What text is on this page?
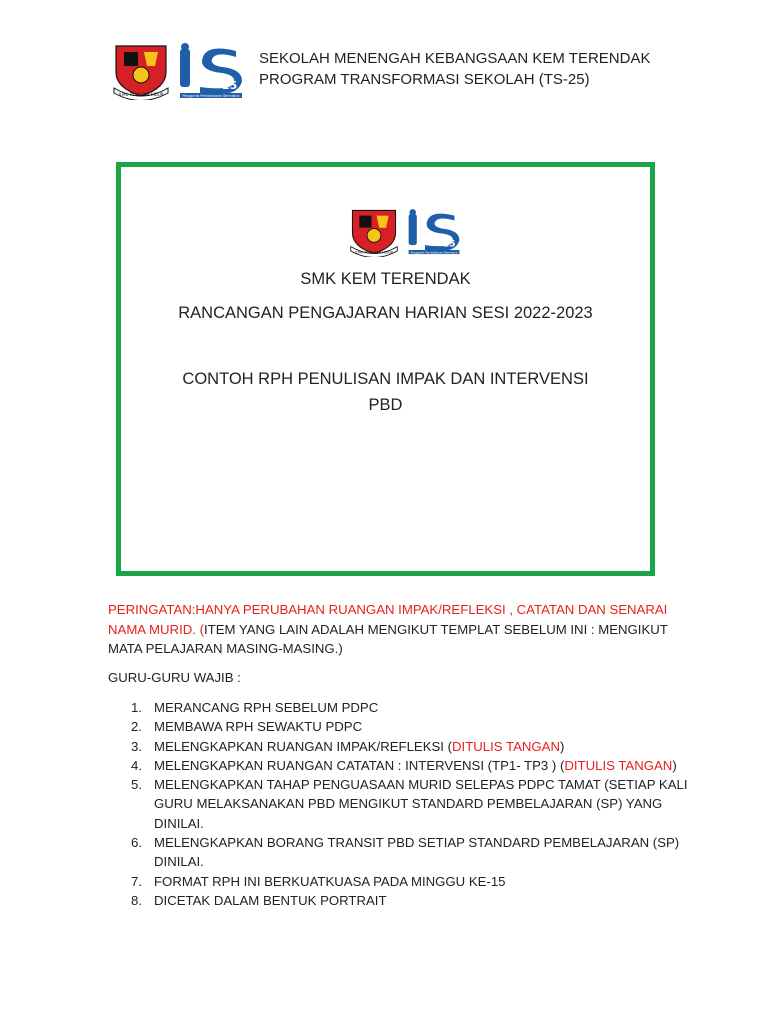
ILMU PANDUAN HIDUP
25
Penggerak Pembelajaran Bermakna
SEKOLAH MENENGAH KEBANGSAAN KEM TERENDAK
PROGRAM TRANSFORMASI SEKOLAH (TS-25)
ILMU PANDUAN HIDUP
25
Penggerak Pembelajaran Bermakna
SMK KEM TERENDAK
RANCANGAN PENGAJARAN HARIAN SESI 2022-2023
CONTOH RPH PENULISAN IMPAK DAN INTERVENSI
PBD
PERINGATAN:HANYA PERUBAHAN RUANGAN IMPAK/REFLEKSI , CATATAN DAN SENARAI NAMA MURID. (ITEM YANG LAIN ADALAH MENGIKUT TEMPLAT SEBELUM INI : MENGIKUT MATA PELAJARAN MASING-MASING.)
GURU-GURU WAJIB :
1. MERANCANG RPH SEBELUM PDPC
2. MEMBAWA RPH SEWAKTU PDPC
3. MELENGKAPKAN RUANGAN IMPAK/REFLEKSI (DITULIS TANGAN)
4. MELENGKAPKAN RUANGAN CATATAN : INTERVENSI (TP1- TP3 ) (DITULIS TANGAN)
5. MELENGKAPKAN TAHAP PENGUASAAN MURID SELEPAS PDPC TAMAT (SETIAP KALI GURU MELAKSANAKAN PBD MENGIKUT STANDARD PEMBELAJARAN (SP) YANG DINILAI.
6. MELENGKAPKAN BORANG TRANSIT PBD SETIAP STANDARD PEMBELAJARAN (SP) DINILAI.
7. FORMAT RPH INI BERKUATKUASA PADA MINGGU KE-15
8. DICETAK DALAM BENTUK PORTRAIT
